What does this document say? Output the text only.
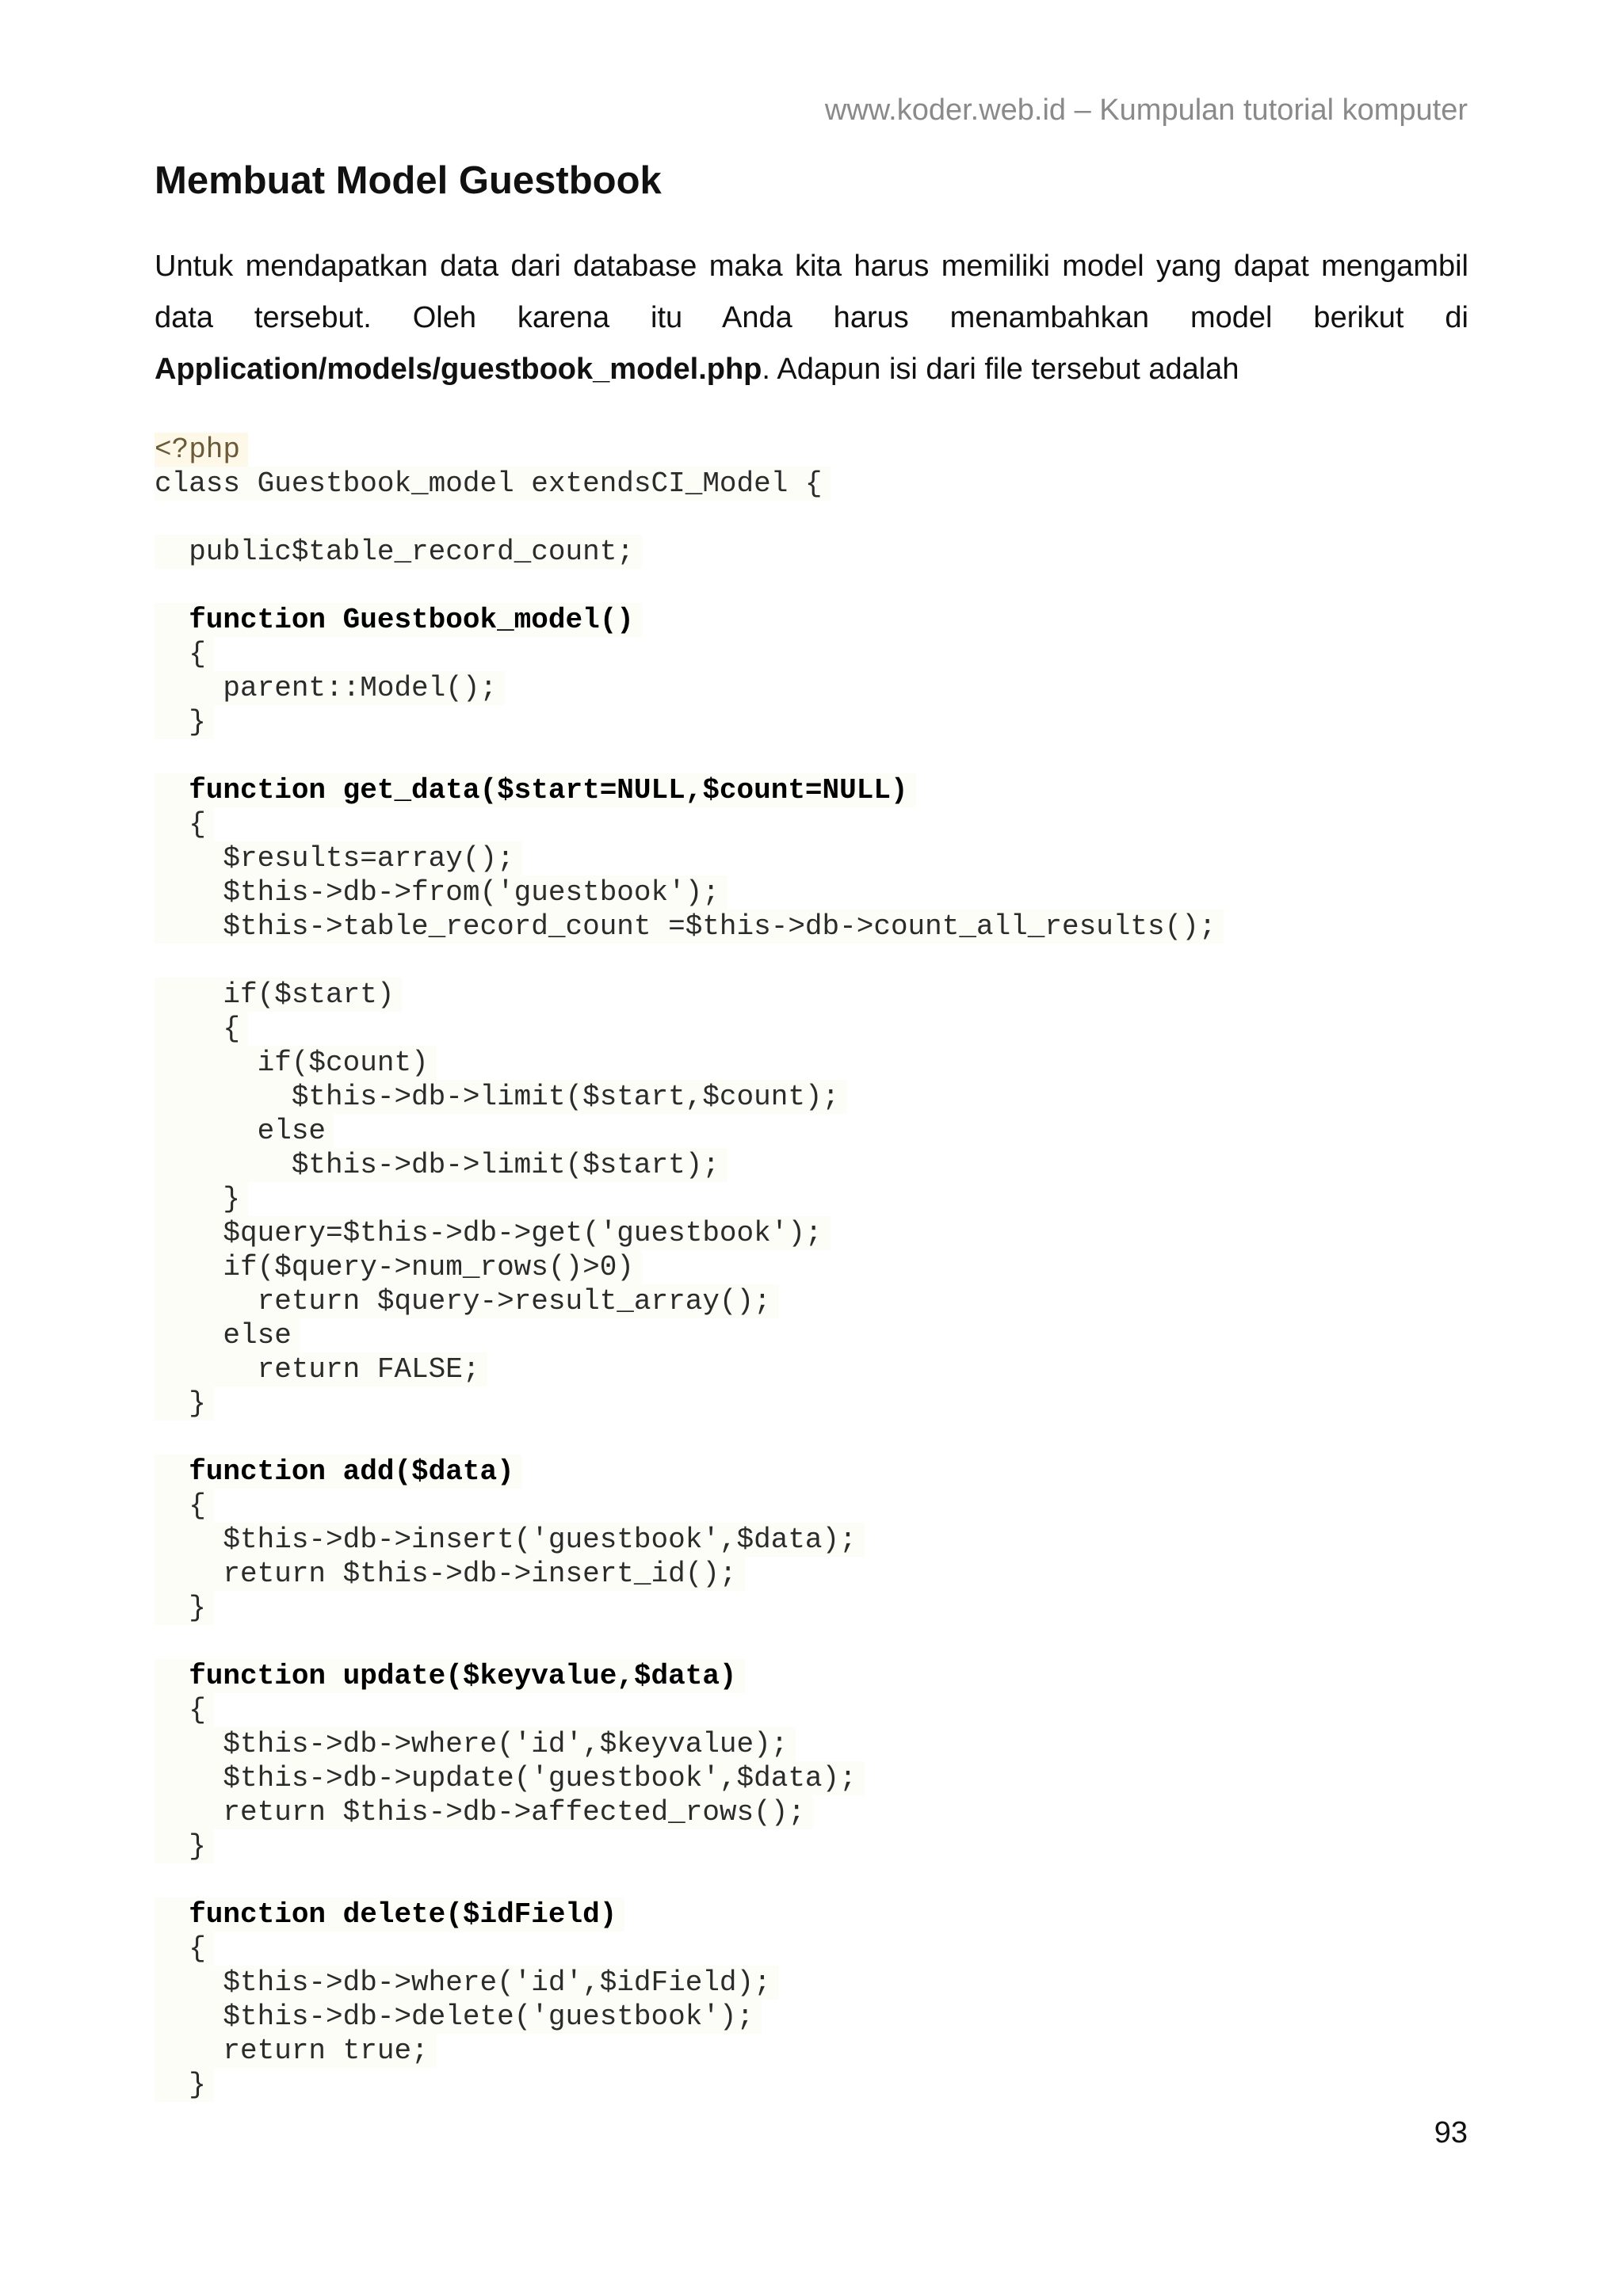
www.koder.web.id – Kumpulan tutorial komputer
Membuat Model Guestbook

Untuk mendapatkan data dari database maka kita harus memiliki model yang dapat mengambil data tersebut. Oleh karena itu Anda harus menambahkan model berikut di Application/models/guestbook_model.php. Adapun isi dari file tersebut adalah

<?php
class Guestbook_model extendsCI_Model {
public$table_record_count;
function Guestbook_model()
{
parent::Model();
}
function get_data($start=NULL,$count=NULL)
{
$results=array();
$this->db->from('guestbook');
$this->table_record_count =$this->db->count_all_results();
if($start)
{
if($count)
$this->db->limit($start,$count);
else
$this->db->limit($start);
}
$query=$this->db->get('guestbook');
if($query->num_rows()>0)
return $query->result_array();
else
return FALSE;
}
function add($data)
{
$this->db->insert('guestbook',$data);
return $this->db->insert_id();
}
function update($keyvalue,$data)
{
$this->db->where('id',$keyvalue);
$this->db->update('guestbook',$data);
return $this->db->affected_rows();
}
function delete($idField)
{
$this->db->where('id',$idField);
$this->db->delete('guestbook');
return true;
}
93
